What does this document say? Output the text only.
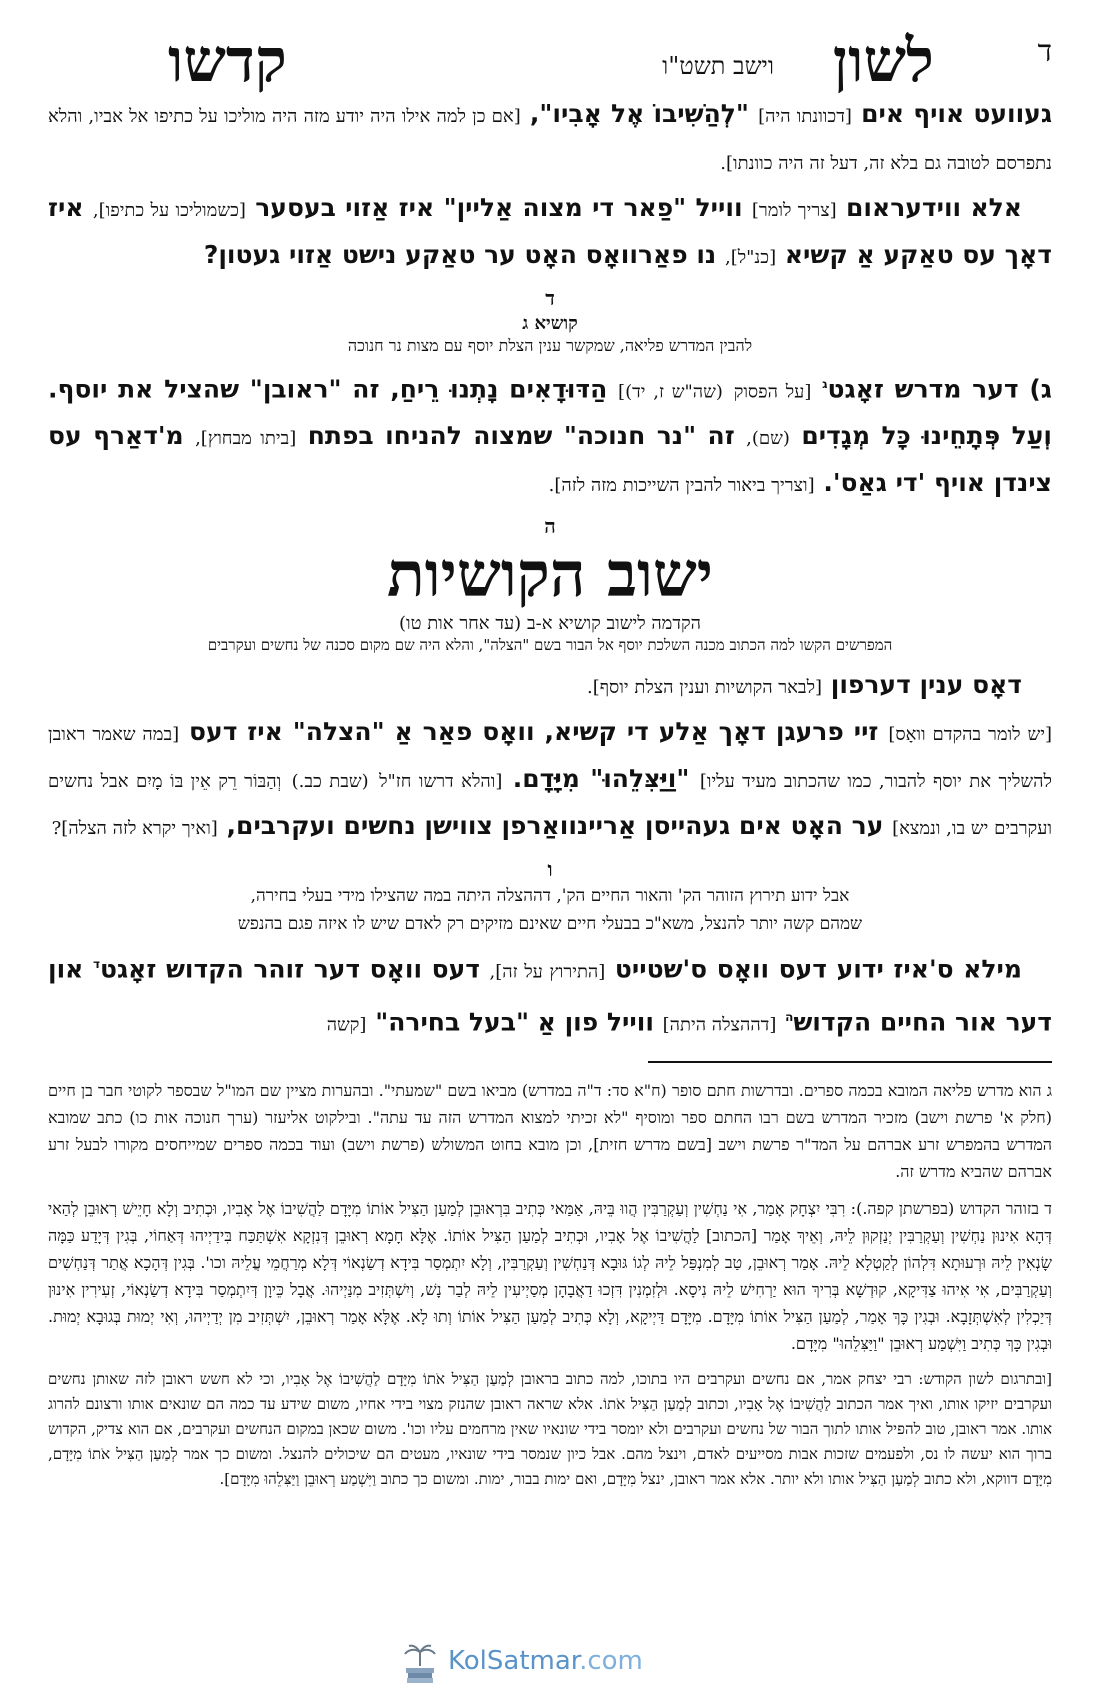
ד
לשון
וישב תשט"ו
קדשו

געוועט אויף אים [דכוונתו היה] "לְהַשִׁיבוֹ אֶל אָבִיו", [אם כן למה אילו היה יודע מזה היה מוליכו על כתיפו אל אביו, והלא נתפרסם לטובה גם בלא זה, דעל זה היה כוונתו].

אלא ווידעראום [צריך לומר] ווייל "פַאר די מצוה אַליין" איז אַזוי בעסער [כשמוליכו על כתיפו], איז דאָך עס טאַקע אַ קשיא [כנ"ל], נו פאַרוואָס האָט ער טאַקע נישט אַזוי געטון?

ד
קושיא ג
להבין המדרש פליאה, שמקשר ענין הצלת יוסף עם מצות נר חנוכה

ג) דער מדרש זאָגט$^ג$ [על הפסוק (שה"ש ז, יד)] הַדּוּדָאִים נָתְנוּ רֵיחַ, זה "ראובן" שהציל את יוסף. וְעַל פְּתָחֵינוּ כָּל מְגָדִים (שם), זה "נר חנוכה" שמצוה להניחו בפתח [ביתו מבחוץ], מ'דאַרף עס צינדן אויף 'די גאַס'. [וצריך ביאור להבין השייכות מזה לזה].

ה
ישוב הקושיות
הקדמה לישוב קושיא א-ב (עד אחר אות טו)
המפרשים הקשו למה הכתוב מכנה השלכת יוסף אל הבור בשם "הצלה", והלא היה שם מקום סכנה של נחשים ועקרבים

דאָס ענין דערפון [לבאר הקושיות וענין הצלת יוסף].

[יש לומר בהקדם וואָס] זיי פרעגן דאָך אַלע די קשיא, וואָס פאַר אַ "הצלה" איז דעס [במה שאמר ראובן להשליך את יוסף להבור, כמו שהכתוב מעיד עליו] "וַיַּצִּלֵהוּ" מִיָּדָם. [והלא דרשו חז"ל (שבת כב.) וְהַבּוֹר רֵק אֵין בּוֹ מָיִם אבל נחשים ועקרבים יש בו, ונמצא] ער האָט אים געהייסן אַריינוואַרפן צווישן נחשים ועקרבים, [ואיך יקרא לזה הצלה]?

ו

אבל ידוע תירוץ הזוהר הק' והאור החיים הק', דההצלה היתה במה שהצילו מידי בעלי בחירה,

שמהם קשה יותר להנצל, משא"כ בבעלי חיים שאינם מזיקים רק לאדם שיש לו איזה פגם בהנפש

מילא ס'איז ידוע דעס וואָס ס'שטייט [התירוץ על זה], דעס וואָס דער זוהר הקדוש זאָגט$^ד$ און דער אור החיים הקדוש$^ה$ [דההצלה היתה] ווייל פון אַ "בעל בחירה" [קשה

ג הוא מדרש פליאה המובא בכמה ספרים. ובדרשות חתם סופר (ח"א סד: ד"ה במדרש) מביאו בשם "שמעתי". ובהערות מציין שם המו"ל שבספר לקוטי חבר בן חיים (חלק א' פרשת וישב) מזכיר המדרש בשם רבו החתם ספר ומוסיף "לא זכיתי למצוא המדרש הזה עד עתה". ובילקוט אליעזר (ערך חנוכה אות כו) כתב שמובא המדרש בהמפרש זרע אברהם על המד"ר פרשת וישב [בשם מדרש חזית], וכן מובא בחוט המשולש (פרשת וישב) ועוד בכמה ספרים שמייחסים מקורו לבעל זרע אברהם שהביא מדרש זה.

ד בזוהר הקדוש (בפרשתן קפה.): רִבִּי יִצְחָק אָמַר, אִי נַחְשִׁין וְעַקְרַבִּין הֲווּ בֵּיהּ, אַמַּאי כְּתִיב בִּרְאוּבֵן לְמַעַן הַצִּיל אוֹתוֹ מִיָּדָם לַהֲשִׁיבוֹ אֶל אָבִיו, וּכְתִיב וְלָא חָיֵישׁ רְאוּבֵן לְהַאי דְּהָא אִינוּן נַחְשִׁין וְעַקְרַבִּין יְנַזְקוּן לֵיהּ, וְאֵיךְ אָמַר [הכתוב] לַהֲשִׁיבוֹ אֶל אָבִיו, וּכְתִיב לְמַעַן הַצִּיל אוֹתוֹ. אֶלָּא חָמָא רְאוּבֵן דְּנִזְקָא אִשְׁתַּכַּח בִּידַיְיהוּ דְּאַחוֹי, בְּגִין דְּיָדַע כַּמָּה שָׂנְאִין לֵיהּ וּרְעוּתָא דִּלְהוֹן לְקַטְלָא לֵיהּ. אָמַר רְאוּבֵן, טַב לְמִנְפַּל לֵיהּ לְגוֹ גּוּבָא דְּנַחְשִׁין וְעַקְרַבִּין, וְלָא יִתְמְסַר בִּידָא דְשַׂנְאוֹי דְּלָא מְרַחֲמֵי עֲלֵיהּ וכו'. בְּגִין דְּהָכָא אֲתַר דְּנַחְשִׁים וְעַקְרַבִּים, אִי אִיהוּ צַדִּיקָא, קוּדְשָׁא בְּרִיךְ הוּא יַרְחִישׁ לֵיהּ נִיסָא. וּלְזִמְנִין דִּזְכוּ דַאֲבָהָן מְסַיְיעִין לֵיהּ לְבַר נָשׁ, וְיִשְׁתְּזִיב מִנַּיְיהוּ. אֲבָל כֵּיוָן דְּיִתְמְסַר בִּידָא דְשַׂנְאוֹי, זְעִירִין אִינוּן דְּיַכְלִין לְאִשְׁתְּזָבָא. וּבְגִין כָּךְ אָמַר, לְמַעַן הַצִּיל אוֹתוֹ מִיָּדָם. מִיָּדָם דַּיְיקָא, וְלָא כְּתִיב לְמַעַן הַצִּיל אוֹתוֹ וְתוּ לָא. אֶלָּא אָמַר רְאוּבֵן, יִשְׁתְּזִיב מִן יְדַיְיהוּ, וְאִי יְמוּת בְּגוּבָא יְמוּת. וּבְגִין כָּךְ כְּתִיב וַיִּשְׁמַע רְאוּבֵן "וַיַּצִּלֵהוּ" מִיָּדָם.

[ובתרגום לשון הקודש: רבי יצחק אמר, אם נחשים ועקרבים היו בתוכו, למה כתוב בראובן לְמַעַן הַצִּיל אֹתוֹ מִיָּדָם לַהֲשִׁיבוֹ אֶל אָבִיו, וכי לא חשש ראובן לזה שאותן נחשים ועקרבים יזיקו אותו, ואיך אמר הכתוב לַהֲשִׁיבוֹ אֶל אָבִיו, וכתוב לְמַעַן הַצִּיל אֹתוֹ. אלא שראה ראובן שהנזק מצוי בידי אחיו, משום שידע עד כמה הם שונאים אותו ורצונם להרוג אותו. אמר ראובן, טוב להפיל אותו לתוך הבור של נחשים ועקרבים ולא יומסר בידי שונאיו שאין מרחמים עליו וכו'. משום שכאן במקום הנחשים ועקרבים, אם הוא צדיק, הקדוש ברוך הוא יעשה לו נס, ולפעמים שזכות אבות מסייעים לאדם, וינצל מהם. אבל כיון שנמסר בידי שונאיו, מעטים הם שיכולים להנצל. ומשום כך אמר לְמַעַן הַצִּיל אֹתוֹ מִיָּדָם, מִיָּדָם דווקא, ולא כתוב לְמַעַן הַצִּיל אותו ולא יותר. אלא אמר ראובן, ינצל מִיָּדָם, ואם ימות בבור, ימות. ומשום כך כתוב וַיִּשְׁמַע רְאוּבֵן וַיַּצִּלֵהוּ מִיָּדָם].

KolSatmar.com
